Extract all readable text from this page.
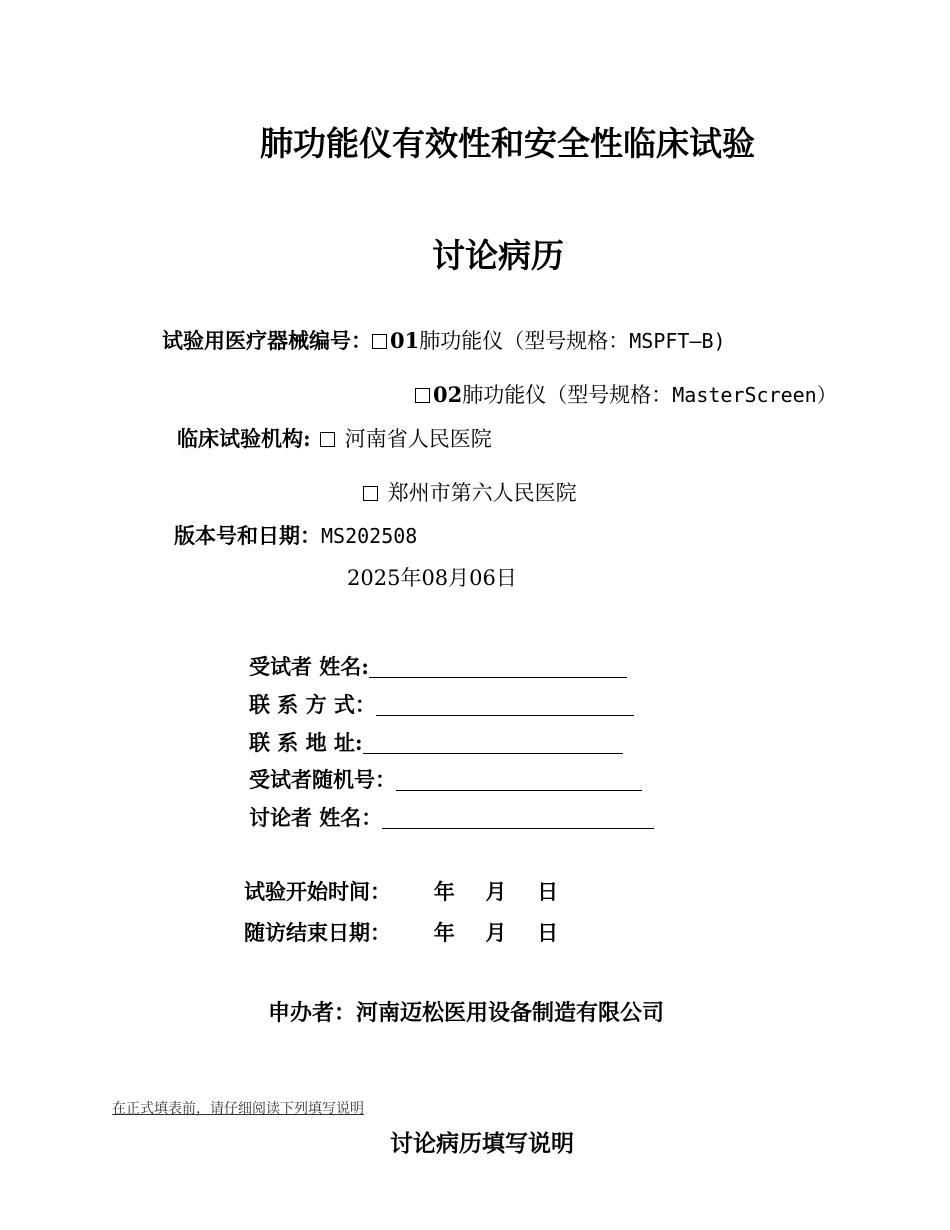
肺功能仪有效性和安全性临床试验
讨论病历
试验用医疗器械编号： 01肺功能仪（型号规格：MSPFT—B)
02肺功能仪（型号规格：MasterScreen）
临床试验机构:  河南省人民医院
郑州市第六人民医院
版本号和日期：MS202508
2025年08月06日
受试者 姓名:
联 系 方 式：
联 系 地 址:
受试者随机号：
讨论者 姓名：
试验开始时间： 年 月 日
随访结束日期： 年 月 日
申办者：河南迈松医用设备制造有限公司
在正式填表前，请仔细阅读下列填写说明
讨论病历填写说明
